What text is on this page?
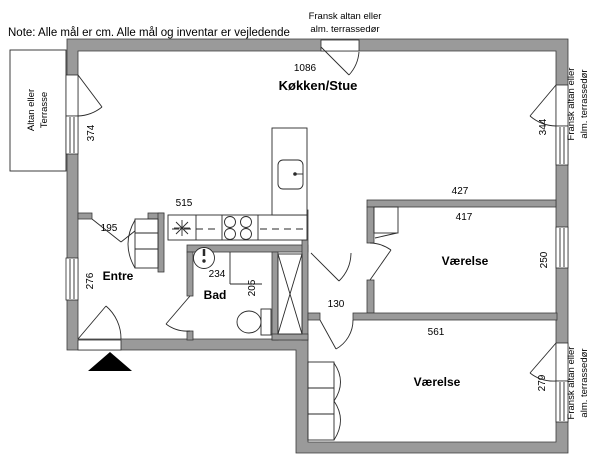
Note: Alle mål er cm. Alle mål og inventar er vejledende
Fransk altan eller
alm. terrassedør
Altan eller Terrasse
Køkken/Stue
Entre
Bad
Værelse
Værelse
1086
374
276
195
515
234
205
130
427
417
250
561
279
344 Fransk altan eller alm. terrassedør
Fransk altan eller alm. terrassedør
